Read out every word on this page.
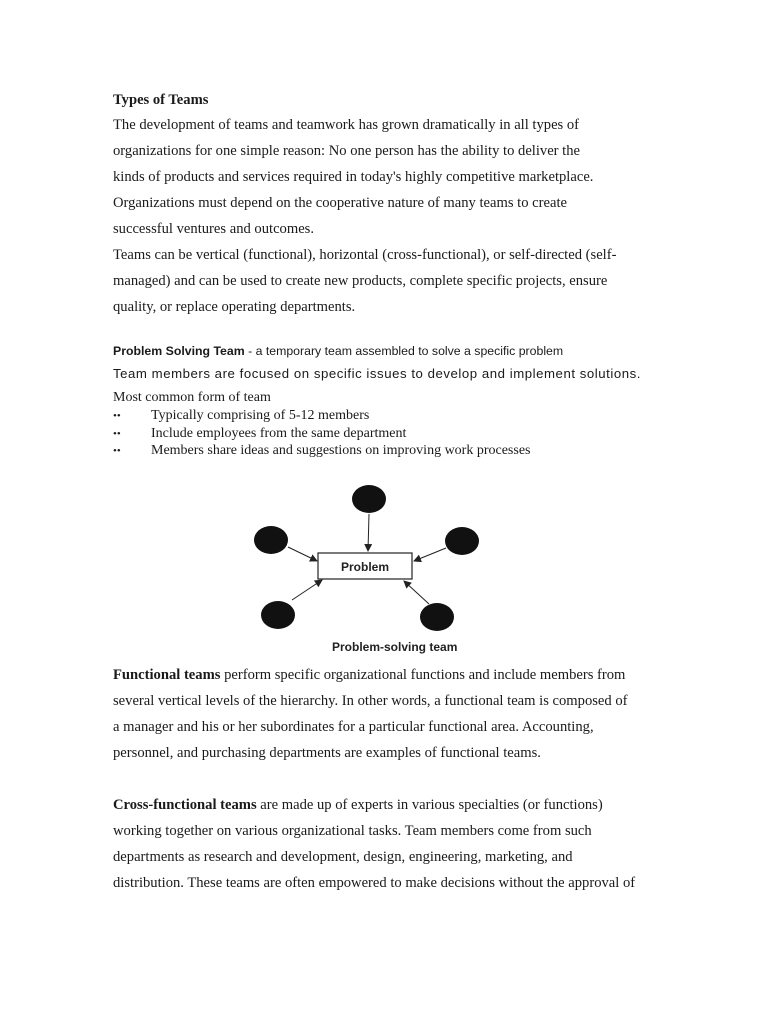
Types of Teams
The development of teams and teamwork has grown dramatically in all types of
organizations for one simple reason: No one person has the ability to deliver the
kinds of products and services required in today's highly competitive marketplace.
Organizations must depend on the cooperative nature of many teams to create
successful ventures and outcomes.
Teams can be vertical (functional), horizontal (cross-functional), or self-directed (self-
managed) and can be used to create new products, complete specific projects, ensure
quality, or replace operating departments.
Problem Solving Team - a temporary team assembled to solve a specific problem
Team members are focused on specific issues to develop and implement solutions.
Most common form of team
•• Typically comprising of 5-12 members
•• Include employees from the same department
•• Members share ideas and suggestions on improving work processes
Problem
Problem-solving team
Functional teams perform specific organizational functions and include members from
several vertical levels of the hierarchy. In other words, a functional team is composed of
a manager and his or her subordinates for a particular functional area. Accounting,
personnel, and purchasing departments are examples of functional teams.
Cross-functional teams are made up of experts in various specialties (or functions)
working together on various organizational tasks. Team members come from such
departments as research and development, design, engineering, marketing, and
distribution. These teams are often empowered to make decisions without the approval of
